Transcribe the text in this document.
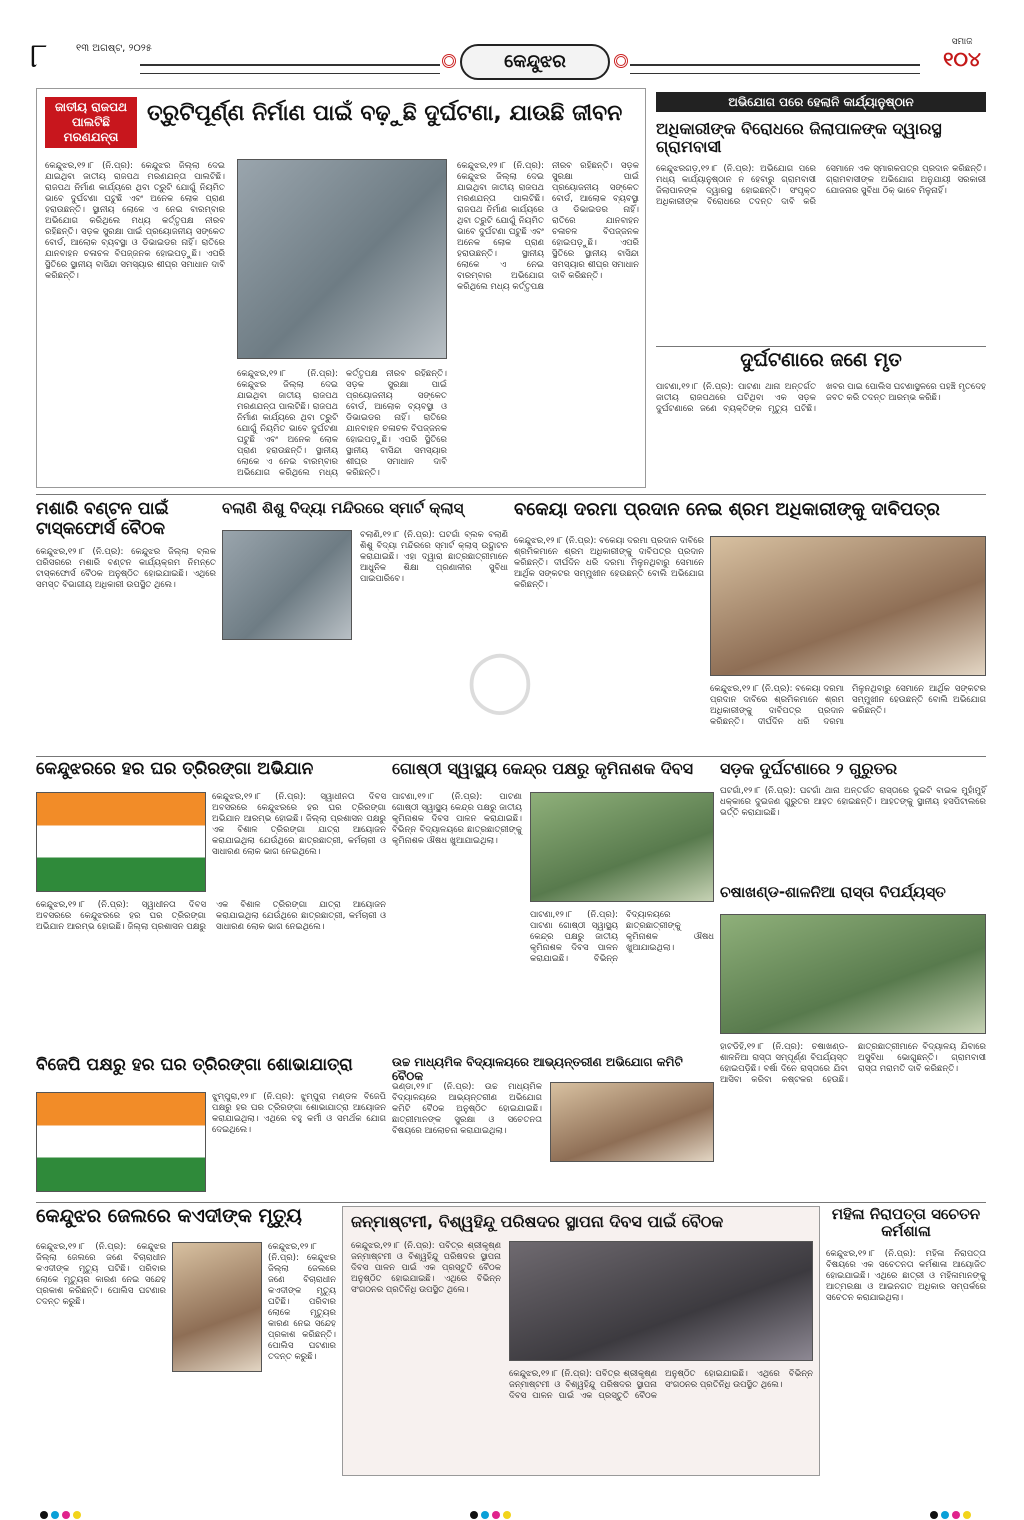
୮	୧୩ ଅଗଷ୍ଟ, ୨୦୨୫
କେନ୍ଦୁଝର
ସମାଜ
୧୦୪
ଜାତୀୟ ରାଜପଥ ପାଲଟିଛି ମରଣଯନ୍ତା
ତ୍ରୁଟିପୂର୍ଣ୍ଣ ନିର୍ମାଣ ପାଇଁ ବଢ଼ୁଛି ଦୁର୍ଘଟଣା, ଯାଉଛି ଜୀବନ
କେନ୍ଦୁଝର,୧୨।୮ (ନି.ପ୍ର): କେନ୍ଦୁଝର ଜିଲ୍ଲା ଦେଇ ଯାଇଥିବା ଜାତୀୟ ରାଜପଥ ମରଣଯନ୍ତା ପାଲଟିଛି। ରାଜପଥ ନିର୍ମାଣ କାର୍ଯ୍ୟରେ ଥିବା ତ୍ରୁଟି ଯୋଗୁଁ ନିୟମିତ ଭାବେ ଦୁର୍ଘଟଣା ଘଟୁଛି ଏବଂ ଅନେକ ଲୋକ ପ୍ରାଣ ହରାଉଛନ୍ତି। ସ୍ଥାନୀୟ ଲୋକେ ଏ ନେଇ ବାରମ୍ବାର ଅଭିଯୋଗ କରିଥିଲେ ମଧ୍ୟ କର୍ତ୍ତୃପକ୍ଷ ନୀରବ ରହିଛନ୍ତି। ସଡ଼କ ସୁରକ୍ଷା ପାଇଁ ପ୍ରୟୋଜନୀୟ ସଙ୍କେତ ବୋର୍ଡ, ଆଲୋକ ବ୍ୟବସ୍ଥା ଓ ଡିଭାଇଡର ନାହିଁ। ରାତିରେ ଯାନବାହନ ଚଳାଚଳ ବିପଜ୍ଜନକ ହୋଇପଡ଼ୁଛି। ଏପରି ସ୍ଥିତିରେ ସ୍ଥାନୀୟ ବାସିନ୍ଦା ସମସ୍ୟାର ଶୀଘ୍ର ସମାଧାନ ଦାବି କରିଛନ୍ତି।
କେନ୍ଦୁଝର,୧୨।୮ (ନି.ପ୍ର): କେନ୍ଦୁଝର ଜିଲ୍ଲା ଦେଇ ଯାଇଥିବା ଜାତୀୟ ରାଜପଥ ମରଣଯନ୍ତା ପାଲଟିଛି। ରାଜପଥ ନିର୍ମାଣ କାର୍ଯ୍ୟରେ ଥିବା ତ୍ରୁଟି ଯୋଗୁଁ ନିୟମିତ ଭାବେ ଦୁର୍ଘଟଣା ଘଟୁଛି ଏବଂ ଅନେକ ଲୋକ ପ୍ରାଣ ହରାଉଛନ୍ତି। ସ୍ଥାନୀୟ ଲୋକେ ଏ ନେଇ ବାରମ୍ବାର ଅଭିଯୋଗ କରିଥିଲେ ମଧ୍ୟ କର୍ତ୍ତୃପକ୍ଷ ନୀରବ ରହିଛନ୍ତି। ସଡ଼କ ସୁରକ୍ଷା ପାଇଁ ପ୍ରୟୋଜନୀୟ ସଙ୍କେତ ବୋର୍ଡ, ଆଲୋକ ବ୍ୟବସ୍ଥା ଓ ଡିଭାଇଡର ନାହିଁ। ରାତିରେ ଯାନବାହନ ଚଳାଚଳ ବିପଜ୍ଜନକ ହୋଇପଡ଼ୁଛି। ଏପରି ସ୍ଥିତିରେ ସ୍ଥାନୀୟ ବାସିନ୍ଦା ସମସ୍ୟାର ଶୀଘ୍ର ସମାଧାନ ଦାବି କରିଛନ୍ତି।
କେନ୍ଦୁଝର,୧୨।୮ (ନି.ପ୍ର): କେନ୍ଦୁଝର ଜିଲ୍ଲା ଦେଇ ଯାଇଥିବା ଜାତୀୟ ରାଜପଥ ମରଣଯନ୍ତା ପାଲଟିଛି। ରାଜପଥ ନିର୍ମାଣ କାର୍ଯ୍ୟରେ ଥିବା ତ୍ରୁଟି ଯୋଗୁଁ ନିୟମିତ ଭାବେ ଦୁର୍ଘଟଣା ଘଟୁଛି ଏବଂ ଅନେକ ଲୋକ ପ୍ରାଣ ହରାଉଛନ୍ତି। ସ୍ଥାନୀୟ ଲୋକେ ଏ ନେଇ ବାରମ୍ବାର ଅଭିଯୋଗ କରିଥିଲେ ମଧ୍ୟ କର୍ତ୍ତୃପକ୍ଷ ନୀରବ ରହିଛନ୍ତି। ସଡ଼କ ସୁରକ୍ଷା ପାଇଁ ପ୍ରୟୋଜନୀୟ ସଙ୍କେତ ବୋର୍ଡ, ଆଲୋକ ବ୍ୟବସ୍ଥା ଓ ଡିଭାଇଡର ନାହିଁ। ରାତିରେ ଯାନବାହନ ଚଳାଚଳ ବିପଜ୍ଜନକ ହୋଇପଡ଼ୁଛି। ଏପରି ସ୍ଥିତିରେ ସ୍ଥାନୀୟ ବାସିନ୍ଦା ସମସ୍ୟାର ଶୀଘ୍ର ସମାଧାନ ଦାବି କରିଛନ୍ତି।
ଅଭିଯୋଗ ପରେ ହେଲାନି କାର୍ଯ୍ୟାନୁଷ୍ଠାନ
ଅଧିକାରୀଙ୍କ ବିରୋଧରେ ଜିଲାପାଳଙ୍କ ଦ୍ୱାରସ୍ଥ ଗ୍ରାମବାସୀ
କେନ୍ଦୁଝରଗଡ଼,୧୨।୮ (ନି.ପ୍ର): ଅଭିଯୋଗ ପରେ ମଧ୍ୟ କାର୍ଯ୍ୟାନୁଷ୍ଠାନ ନ ହେବାରୁ ଗ୍ରାମବାସୀ ଜିଲାପାଳଙ୍କ ଦ୍ୱାରସ୍ଥ ହୋଇଛନ୍ତି। ସଂପୃକ୍ତ ଅଧିକାରୀଙ୍କ ବିରୋଧରେ ତଦନ୍ତ ଦାବି କରି ସେମାନେ ଏକ ସ୍ମାରକପତ୍ର ପ୍ରଦାନ କରିଛନ୍ତି। ଗ୍ରାମବାସୀଙ୍କ ଅଭିଯୋଗ ଅନୁଯାୟୀ ସରକାରୀ ଯୋଜନାର ସୁବିଧା ଠିକ୍ ଭାବେ ମିଳୁନାହିଁ।
ଦୁର୍ଘଟଣାରେ ଜଣେ ମୃତ
ପାଟଣା,୧୨।୮ (ନି.ପ୍ର): ପାଟଣା ଥାନା ଅନ୍ତର୍ଗତ ଜାତୀୟ ରାଜପଥରେ ଘଟିଥିବା ଏକ ସଡ଼କ ଦୁର୍ଘଟଣାରେ ଜଣେ ବ୍ୟକ୍ତିଙ୍କ ମୃତ୍ୟୁ ଘଟିଛି। ଖବର ପାଇ ପୋଲିସ ଘଟଣାସ୍ଥଳରେ ପହଞ୍ଚି ମୃତଦେହ ଜବତ କରି ତଦନ୍ତ ଆରମ୍ଭ କରିଛି।
ମଶାରି ବଣ୍ଟନ ପାଇଁ ଟାସ୍କଫୋର୍ସ ବୈଠକ
କେନ୍ଦୁଝର,୧୨।୮ (ନି.ପ୍ର): କେନ୍ଦୁଝର ଜିଲ୍ଲା ବ୍ଲକ ପରିସରରେ ମଶାରି ବଣ୍ଟନ କାର୍ଯ୍ୟକ୍ରମ ନିମନ୍ତେ ଟାସ୍କଫୋର୍ସ ବୈଠକ ଅନୁଷ୍ଠିତ ହୋଇଯାଇଛି। ଏଥିରେ ସମସ୍ତ ବିଭାଗୀୟ ଅଧିକାରୀ ଉପସ୍ଥିତ ଥିଲେ।
ବଲାଣି ଶିଶୁ ବିଦ୍ୟା ମନ୍ଦିରରେ ସ୍ମାର୍ଟ କ୍ଲାସ୍
ବଲାଣି,୧୨।୮ (ନି.ପ୍ର): ଘଟଗାଁ ବ୍ଲକ ବଲାଣି ଶିଶୁ ବିଦ୍ୟା ମନ୍ଦିରରେ ସ୍ମାର୍ଟ କ୍ଲାସ୍ ଉଦ୍ଘାଟନ କରାଯାଇଛି। ଏହା ଦ୍ୱାରା ଛାତ୍ରଛାତ୍ରୀମାନେ ଆଧୁନିକ ଶିକ୍ଷା ପ୍ରଣାଳୀର ସୁବିଧା ପାଇପାରିବେ।
ବକେୟା ଦରମା ପ୍ରଦାନ ନେଇ ଶ୍ରମ ଅଧିକାରୀଙ୍କୁ ଦାବିପତ୍ର
କେନ୍ଦୁଝର,୧୨।୮ (ନି.ପ୍ର): ବକେୟା ଦରମା ପ୍ରଦାନ ଦାବିରେ ଶ୍ରମିକମାନେ ଶ୍ରମ ଅଧିକାରୀଙ୍କୁ ଦାବିପତ୍ର ପ୍ରଦାନ କରିଛନ୍ତି। ଦୀର୍ଘଦିନ ଧରି ଦରମା ମିଳୁନଥିବାରୁ ସେମାନେ ଆର୍ଥିକ ସଙ୍କଟର ସମ୍ମୁଖୀନ ହେଉଛନ୍ତି ବୋଲି ଅଭିଯୋଗ କରିଛନ୍ତି।
କେନ୍ଦୁଝର,୧୨।୮ (ନି.ପ୍ର): ବକେୟା ଦରମା ପ୍ରଦାନ ଦାବିରେ ଶ୍ରମିକମାନେ ଶ୍ରମ ଅଧିକାରୀଙ୍କୁ ଦାବିପତ୍ର ପ୍ରଦାନ କରିଛନ୍ତି। ଦୀର୍ଘଦିନ ଧରି ଦରମା ମିଳୁନଥିବାରୁ ସେମାନେ ଆର୍ଥିକ ସଙ୍କଟର ସମ୍ମୁଖୀନ ହେଉଛନ୍ତି ବୋଲି ଅଭିଯୋଗ କରିଛନ୍ତି।
◯
କେନ୍ଦୁଝରରେ ହର ଘର ତ୍ରିରଙ୍ଗା ଅଭିଯାନ
କେନ୍ଦୁଝର,୧୨।୮ (ନି.ପ୍ର): ସ୍ୱାଧୀନତା ଦିବସ ଅବସରରେ କେନ୍ଦୁଝରରେ ହର ଘର ତ୍ରିରଙ୍ଗା ଅଭିଯାନ ଆରମ୍ଭ ହୋଇଛି। ଜିଲ୍ଲା ପ୍ରଶାସନ ପକ୍ଷରୁ ଏକ ବିଶାଳ ତ୍ରିରଙ୍ଗା ଯାତ୍ରା ଆୟୋଜନ କରାଯାଇଥିଲା ଯେଉଁଥିରେ ଛାତ୍ରଛାତ୍ରୀ, କର୍ମଚାରୀ ଓ ସାଧାରଣ ଲୋକ ଭାଗ ନେଇଥିଲେ।
କେନ୍ଦୁଝର,୧୨।୮ (ନି.ପ୍ର): ସ୍ୱାଧୀନତା ଦିବସ ଅବସରରେ କେନ୍ଦୁଝରରେ ହର ଘର ତ୍ରିରଙ୍ଗା ଅଭିଯାନ ଆରମ୍ଭ ହୋଇଛି। ଜିଲ୍ଲା ପ୍ରଶାସନ ପକ୍ଷରୁ ଏକ ବିଶାଳ ତ୍ରିରଙ୍ଗା ଯାତ୍ରା ଆୟୋଜନ କରାଯାଇଥିଲା ଯେଉଁଥିରେ ଛାତ୍ରଛାତ୍ରୀ, କର୍ମଚାରୀ ଓ ସାଧାରଣ ଲୋକ ଭାଗ ନେଇଥିଲେ।
ଗୋଷ୍ଠୀ ସ୍ୱାସ୍ଥ୍ୟ କେନ୍ଦ୍ର ପକ୍ଷରୁ କୃମିନାଶକ ଦିବସ
ପାଟଣା,୧୨।୮ (ନି.ପ୍ର): ପାଟଣା ଗୋଷ୍ଠୀ ସ୍ୱାସ୍ଥ୍ୟ କେନ୍ଦ୍ର ପକ୍ଷରୁ ଜାତୀୟ କୃମିନାଶକ ଦିବସ ପାଳନ କରାଯାଇଛି। ବିଭିନ୍ନ ବିଦ୍ୟାଳୟରେ ଛାତ୍ରଛାତ୍ରୀଙ୍କୁ କୃମିନାଶକ ଔଷଧ ଖୁଆଯାଇଥିଲା।
ପାଟଣା,୧୨।୮ (ନି.ପ୍ର): ପାଟଣା ଗୋଷ୍ଠୀ ସ୍ୱାସ୍ଥ୍ୟ କେନ୍ଦ୍ର ପକ୍ଷରୁ ଜାତୀୟ କୃମିନାଶକ ଦିବସ ପାଳନ କରାଯାଇଛି। ବିଭିନ୍ନ ବିଦ୍ୟାଳୟରେ ଛାତ୍ରଛାତ୍ରୀଙ୍କୁ କୃମିନାଶକ ଔଷଧ ଖୁଆଯାଇଥିଲା।
ସଡ଼କ ଦୁର୍ଘଟଣାରେ ୨ ଗୁରୁତର
ଘଟଗାଁ,୧୨।୮ (ନି.ପ୍ର): ଘଟଗାଁ ଥାନା ଅନ୍ତର୍ଗତ ରାସ୍ତାରେ ଦୁଇଟି ବାଇକ ମୁହାଁମୁହିଁ ଧକ୍କାରେ ଦୁଇଜଣ ଗୁରୁତର ଆହତ ହୋଇଛନ୍ତି। ଆହତଙ୍କୁ ସ୍ଥାନୀୟ ହସପିଟାଲରେ ଭର୍ତ୍ତି କରାଯାଇଛି।
ଚଷାଖଣ୍ଡ-ଶାଳନିଆ ରାସ୍ତା ବିପର୍ଯ୍ୟସ୍ତ
ହାଟଡିହି,୧୨।୮ (ନି.ପ୍ର): ଚଷାଖଣ୍ଡ-ଶାଳନିଆ ରାସ୍ତା ସମ୍ପୂର୍ଣ୍ଣ ବିପର୍ଯ୍ୟସ୍ତ ହୋଇପଡ଼ିଛି। ବର୍ଷା ଦିନେ ରାସ୍ତାରେ ଯିବା ଆସିବା କରିବା କଷ୍ଟକର ହେଉଛି। ଛାତ୍ରଛାତ୍ରୀମାନେ ବିଦ୍ୟାଳୟ ଯିବାରେ ଅସୁବିଧା ଭୋଗୁଛନ୍ତି। ଗ୍ରାମବାସୀ ରାସ୍ତା ମରାମତି ଦାବି କରିଛନ୍ତି।
ବିଜେପି ପକ୍ଷରୁ ହର ଘର ତ୍ରିରଙ୍ଗା ଶୋଭାଯାତ୍ରା
ଝୁମ୍ପୁରା,୧୨।୮ (ନି.ପ୍ର): ଝୁମ୍ପୁରା ମଣ୍ଡଳ ବିଜେପି ପକ୍ଷରୁ ହର ଘର ତ୍ରିରଙ୍ଗା ଶୋଭାଯାତ୍ରା ଆୟୋଜନ କରାଯାଇଥିଲା। ଏଥିରେ ବହୁ କର୍ମୀ ଓ ସମର୍ଥକ ଯୋଗ ଦେଇଥିଲେ।
ଉଚ୍ଚ ମାଧ୍ୟମିକ ବିଦ୍ୟାଳୟରେ ଆଭ୍ୟନ୍ତରୀଣ ଅଭିଯୋଗ କମିଟି ବୈଠକ
ଭଣ୍ଡା,୧୨।୮ (ନି.ପ୍ର): ଉଚ୍ଚ ମାଧ୍ୟମିକ ବିଦ୍ୟାଳୟରେ ଆଭ୍ୟନ୍ତରୀଣ ଅଭିଯୋଗ କମିଟି ବୈଠକ ଅନୁଷ୍ଠିତ ହୋଇଯାଇଛି। ଛାତ୍ରୀମାନଙ୍କ ସୁରକ୍ଷା ଓ ସଚେତନତା ବିଷୟରେ ଆଲୋଚନା କରାଯାଇଥିଲା।
କେନ୍ଦୁଝର ଜେଲରେ କଏଦୀଙ୍କ ମୃତ୍ୟୁ
କେନ୍ଦୁଝର,୧୨।୮ (ନି.ପ୍ର): କେନ୍ଦୁଝର ଜିଲ୍ଲା ଜେଲରେ ଜଣେ ବିଚାରାଧୀନ କଏଦୀଙ୍କ ମୃତ୍ୟୁ ଘଟିଛି। ପରିବାର ଲୋକେ ମୃତ୍ୟୁର କାରଣ ନେଇ ସନ୍ଦେହ ପ୍ରକାଶ କରିଛନ୍ତି। ପୋଲିସ ଘଟଣାର ତଦନ୍ତ କରୁଛି।
କେନ୍ଦୁଝର,୧୨।୮ (ନି.ପ୍ର): କେନ୍ଦୁଝର ଜିଲ୍ଲା ଜେଲରେ ଜଣେ ବିଚାରାଧୀନ କଏଦୀଙ୍କ ମୃତ୍ୟୁ ଘଟିଛି। ପରିବାର ଲୋକେ ମୃତ୍ୟୁର କାରଣ ନେଇ ସନ୍ଦେହ ପ୍ରକାଶ କରିଛନ୍ତି। ପୋଲିସ ଘଟଣାର ତଦନ୍ତ କରୁଛି।
ଜନ୍ମାଷ୍ଟମୀ, ବିଶ୍ୱହିନ୍ଦୁ ପରିଷଦର ସ୍ଥାପନା ଦିବସ ପାଇଁ ବୈଠକ
କେନ୍ଦୁଝର,୧୨।୮ (ନି.ପ୍ର): ପବିତ୍ର ଶ୍ରୀକୃଷ୍ଣ ଜନ୍ମାଷ୍ଟମୀ ଓ ବିଶ୍ୱହିନ୍ଦୁ ପରିଷଦର ସ୍ଥାପନା ଦିବସ ପାଳନ ପାଇଁ ଏକ ପ୍ରସ୍ତୁତି ବୈଠକ ଅନୁଷ୍ଠିତ ହୋଇଯାଇଛି। ଏଥିରେ ବିଭିନ୍ନ ସଂଗଠନର ପ୍ରତିନିଧି ଉପସ୍ଥିତ ଥିଲେ।
କେନ୍ଦୁଝର,୧୨।୮ (ନି.ପ୍ର): ପବିତ୍ର ଶ୍ରୀକୃଷ୍ଣ ଜନ୍ମାଷ୍ଟମୀ ଓ ବିଶ୍ୱହିନ୍ଦୁ ପରିଷଦର ସ୍ଥାପନା ଦିବସ ପାଳନ ପାଇଁ ଏକ ପ୍ରସ୍ତୁତି ବୈଠକ ଅନୁଷ୍ଠିତ ହୋଇଯାଇଛି। ଏଥିରେ ବିଭିନ୍ନ ସଂଗଠନର ପ୍ରତିନିଧି ଉପସ୍ଥିତ ଥିଲେ।
ମହିଳା ନିରାପତ୍ତା ସଚେତନ କର୍ମଶାଳା
କେନ୍ଦୁଝର,୧୨।୮ (ନି.ପ୍ର): ମହିଳା ନିରାପତ୍ତା ବିଷୟରେ ଏକ ସଚେତନତା କର୍ମଶାଳା ଆୟୋଜିତ ହୋଇଯାଇଛି। ଏଥିରେ ଛାତ୍ରୀ ଓ ମହିଳାମାନଙ୍କୁ ଆତ୍ମରକ୍ଷା ଓ ଆଇନଗତ ଅଧିକାର ସମ୍ପର୍କରେ ସଚେତନ କରାଯାଇଥିଲା।
